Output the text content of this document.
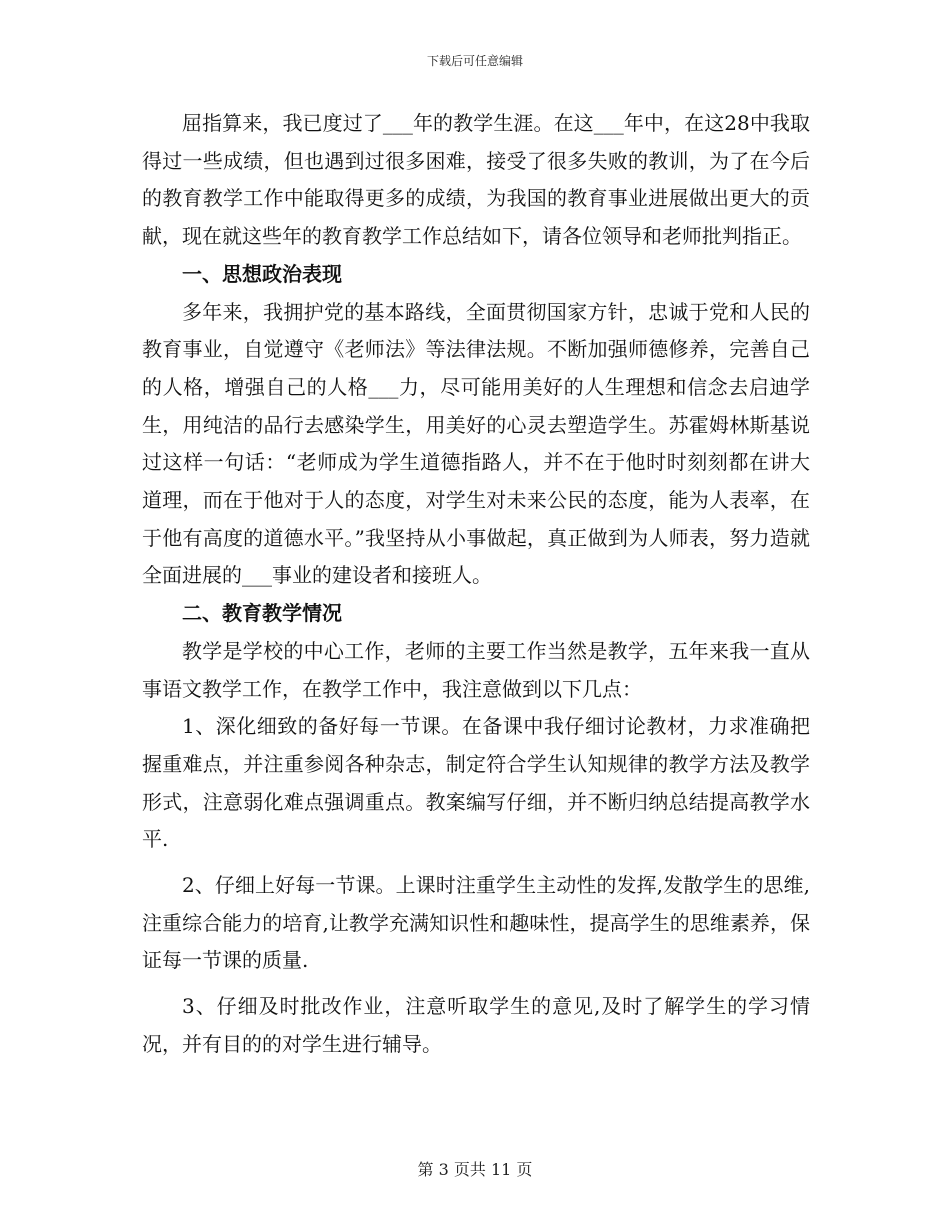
下载后可任意编辑

屈指算来，我已度过了___年的教学生涯。在这___年中，在这28中我取得过一些成绩，但也遇到过很多困难，接受了很多失败的教训，为了在今后的教育教学工作中能取得更多的成绩，为我国的教育事业进展做出更大的贡献，现在就这些年的教育教学工作总结如下，请各位领导和老师批判指正。

一、思想政治表现

多年来，我拥护党的基本路线，全面贯彻国家方针，忠诚于党和人民的教育事业，自觉遵守《老师法》等法律法规。不断加强师德修养，完善自己的人格，增强自己的人格___力，尽可能用美好的人生理想和信念去启迪学生，用纯洁的品行去感染学生，用美好的心灵去塑造学生。苏霍姆林斯基说过这样一句话：“老师成为学生道德指路人，并不在于他时时刻刻都在讲大道理，而在于他对于人的态度，对学生对未来公民的态度，能为人表率，在于他有高度的道德水平。”我坚持从小事做起，真正做到为人师表，努力造就全面进展的___事业的建设者和接班人。

二、教育教学情况

教学是学校的中心工作，老师的主要工作当然是教学，五年来我一直从事语文教学工作，在教学工作中，我注意做到以下几点：

1、深化细致的备好每一节课。在备课中我仔细讨论教材，力求准确把握重难点，并注重参阅各种杂志，制定符合学生认知规律的教学方法及教学形式，注意弱化难点强调重点。教案编写仔细，并不断归纳总结提高教学水平.

2、仔细上好每一节课。上课时注重学生主动性的发挥,发散学生的思维,注重综合能力的培育,让教学充满知识性和趣味性，提高学生的思维素养，保证每一节课的质量.

3、仔细及时批改作业，注意听取学生的意见,及时了解学生的学习情况，并有目的的对学生进行辅导。

第 3 页共 11 页
